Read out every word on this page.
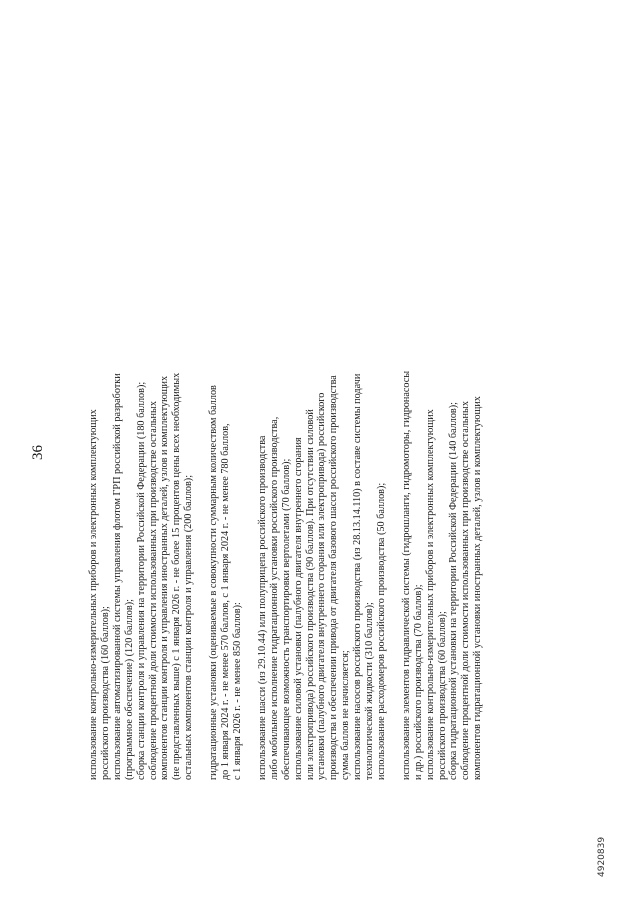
36
4920839
использование контрольно-измерительных приборов и электронных комплектующих российского производства (160 баллов); использование автоматизированной системы управления флотом ГРП российской разработки (программное обеспечение) (120 баллов); сборка станции контроля и управления на территории Российской Федерации (180 баллов); соблюдение процентной доли стоимости использованных при производстве остальных компонентов станции контроля и управления иностранных деталей, узлов и комплектующих (не представленных выше) с 1 января 2026 г. - не более 15 процентов цены всех необходимых остальных компонентов станции контроля и управления (200 баллов); гидратационные установки (оцениваемые в совокупности суммарным количеством баллов до 1 января 2024 г. - не менее 570 баллов, с 1 января 2024 г. - не менее 780 баллов, с 1 января 2026 г. - не менее 850 баллов): использование шасси (из 29.10.44) или полуприцепа российского производства либо мобильное исполнение гидратационной установки российского производства, обеспечивающее возможность транспортировки вертолетами (70 баллов); использование силовой установки (палубного двигателя внутреннего сгорания или электропривода) российского производства (90 баллов). При отсутствии силовой установки (палубного двигателя внутреннего сгорания или электропривода) российского производства и обеспечении привода от двигателя базового шасси российского производства сумма баллов не начисляется; использование насосов российского производства (из 28.13.14.110) в составе системы подачи технологической жидкости (310 баллов); использование расходомеров российского производства (50 баллов); использование элементов гидравлической системы (гидрошланги, гидромоторы, гидронасосы и др.) российского производства (70 баллов); использование контрольно-измерительных приборов и электронных комплектующих российского производства (60 баллов); сборка гидратационной установки на территории Российской Федерации (140 баллов); соблюдение процентной доли стоимости использованных при производстве остальных компонентов гидратационной установки иностранных деталей, узлов и комплектующих
